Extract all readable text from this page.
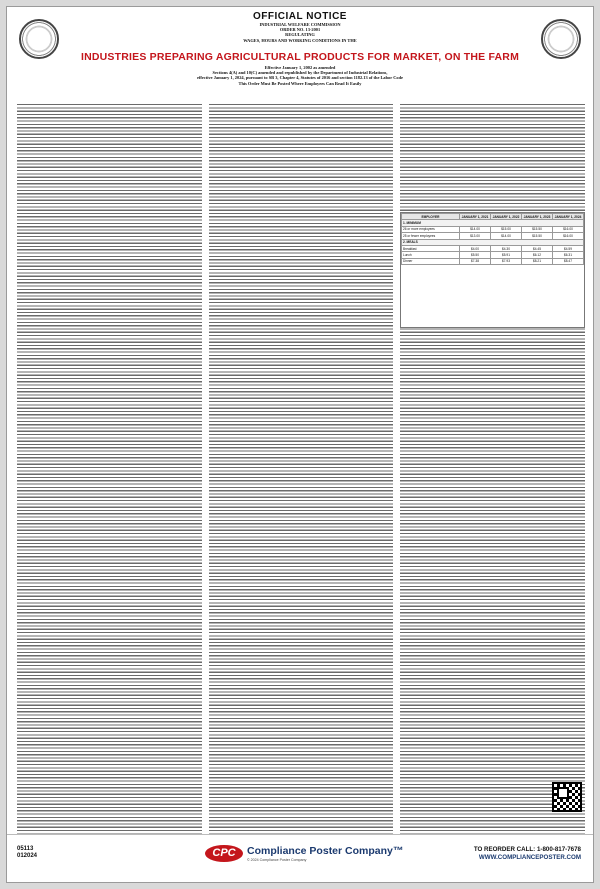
OFFICIAL NOTICE
INDUSTRIAL WELFARE COMMISSION
ORDER NO. 13-2001
REGULATING
WAGES, HOURS AND WORKING CONDITIONS IN THE
INDUSTRIES PREPARING AGRICULTURAL PRODUCTS FOR MARKET, ON THE FARM
Effective January 1, 2002 as amended
Sections 4(A) and 10(C) amended and republished by the Department of Industrial Relations,
effective January 1, 2024, pursuant to SB 3, Chapter 4, Statutes of 2016 and section 1182.13 of the Labor Code
This Order Must Be Posted Where Employees Can Read It Easily
EMPLOYER	JANUARY 1, 2021	JANUARY 1, 2022	JANUARY 1, 2023	JANUARY 1, 2024
1. MINIMUM				
26 or more employees	$14.00	$15.00	$15.50	$16.00
25 or fewer employees	$13.00	$14.00	$15.50	$16.00
2. MEALS				
Breakfast	$4.00	$4.30	$4.45	$4.59
Lunch	$5.50	$5.91	$6.12	$6.31
Dinner	$7.38	$7.93	$8.21	$8.47
05113
012024	CPC	Compliance Poster Company™
© 2024 Compliance Poster Company
TO REORDER CALL: 1-800-817-7678
WWW.COMPLIANCEPOSTER.COM
